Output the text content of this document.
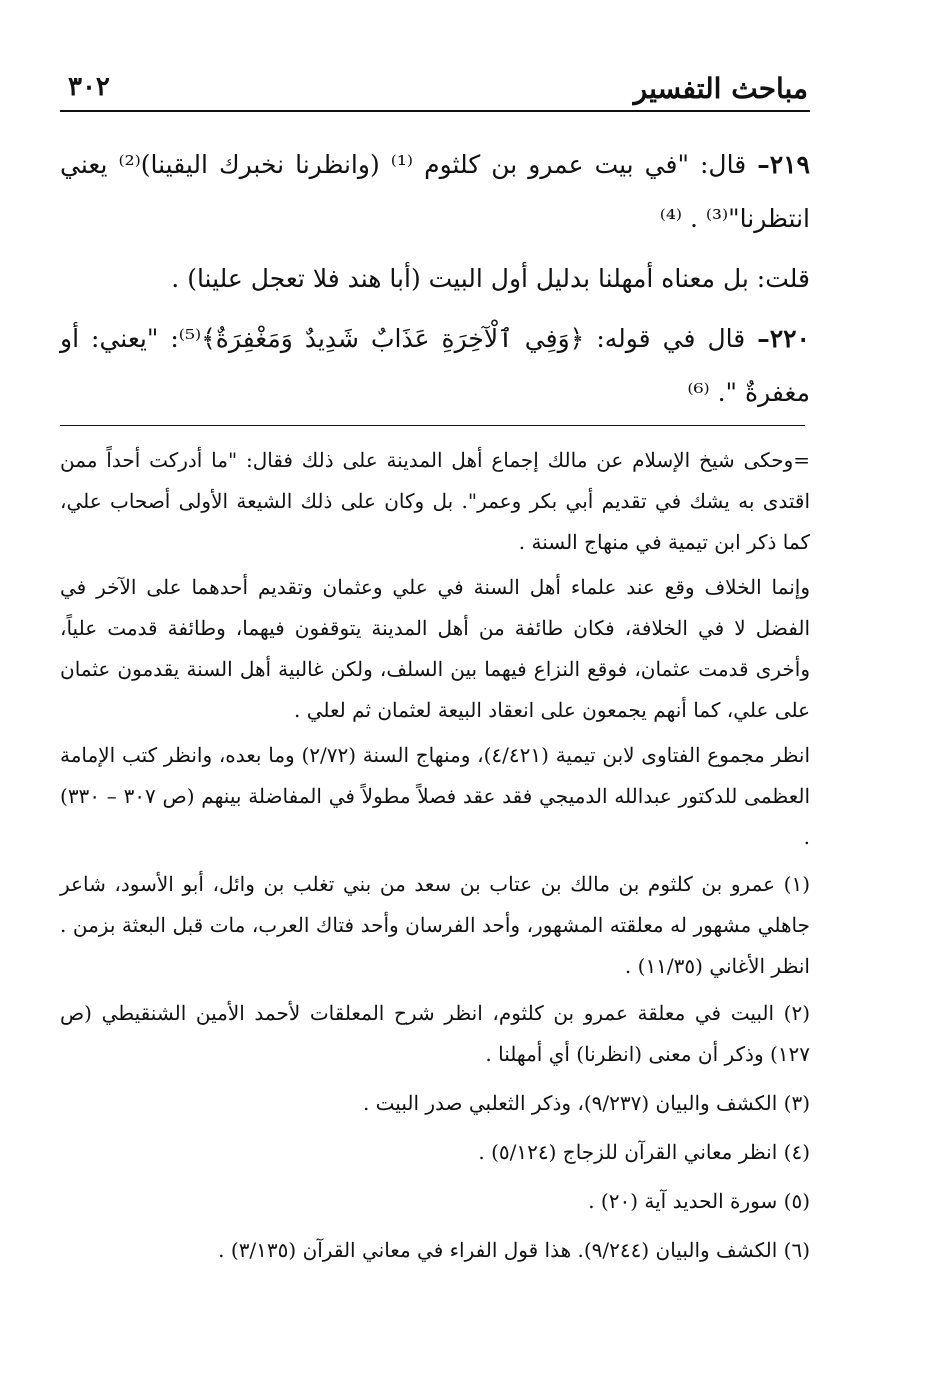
٣٠٢	مباحث التفسير

٢١٩– قال: "في بيت عمرو بن كلثوم ⁽¹⁾ (وانظرنا نخبرك اليقينا)⁽²⁾ يعني انتظرنا"⁽³⁾ . ⁽⁴⁾

قلت: بل معناه أمهلنا بدليل أول البيت (أبا هند فلا تعجل علينا) .

٢٢٠– قال في قوله: ﴿وَفِي ٱلْآخِرَةِ عَذَابٌ شَدِيدٌ وَمَغْفِرَةٌ﴾⁽⁵⁾: "يعني: أو مغفرةٌ ". ⁽⁶⁾

=وحكى شيخ الإسلام عن مالك إجماع أهل المدينة على ذلك فقال: "ما أدركت أحداً ممن اقتدى به يشك في تقديم أبي بكر وعمر". بل وكان على ذلك الشيعة الأولى أصحاب علي، كما ذكر ابن تيمية في منهاج السنة .

وإنما الخلاف وقع عند علماء أهل السنة في علي وعثمان وتقديم أحدهما على الآخر في الفضل لا في الخلافة، فكان طائفة من أهل المدينة يتوقفون فيهما، وطائفة قدمت علياً، وأخرى قدمت عثمان، فوقع النزاع فيهما بين السلف، ولكن غالبية أهل السنة يقدمون عثمان على علي، كما أنهم يجمعون على انعقاد البيعة لعثمان ثم لعلي .

انظر مجموع الفتاوى لابن تيمية (٤/٤٢١)، ومنهاج السنة (٢/٧٢) وما بعده، وانظر كتب الإمامة العظمى للدكتور عبدالله الدميجي فقد عقد فصلاً مطولاً في المفاضلة بينهم (ص ٣٠٧ – ٣٣٠) .

(١) عمرو بن كلثوم بن مالك بن عتاب بن سعد من بني تغلب بن وائل، أبو الأسود، شاعر جاهلي مشهور له معلقته المشهور، وأحد الفرسان وأحد فتاك العرب، مات قبل البعثة بزمن . انظر الأغاني (١١/٣٥) .

(٢) البيت في معلقة عمرو بن كلثوم، انظر شرح المعلقات لأحمد الأمين الشنقيطي (ص ١٢٧) وذكر أن معنى (انظرنا) أي أمهلنا .

(٣) الكشف والبيان (٩/٢٣٧)، وذكر الثعلبي صدر البيت .

(٤) انظر معاني القرآن للزجاج (٥/١٢٤) .

(٥) سورة الحديد آية (٢٠) .

(٦) الكشف والبيان (٩/٢٤٤). هذا قول الفراء في معاني القرآن (٣/١٣٥) .
